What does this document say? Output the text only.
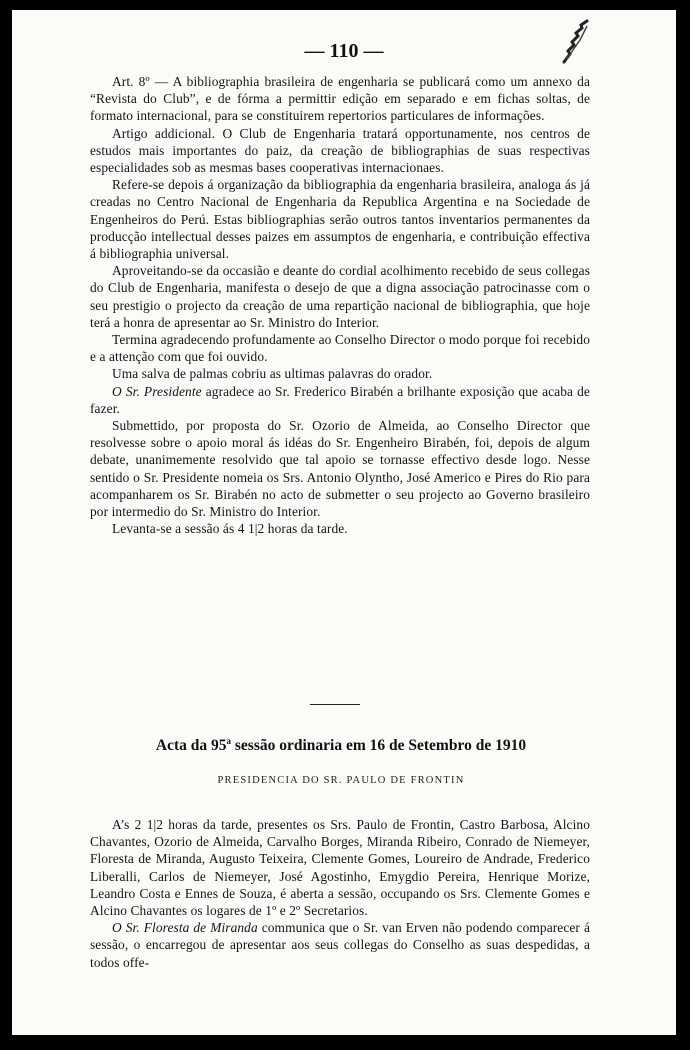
— 110 —

Art. 8º — A bibliographia brasileira de engenharia se publicará como um annexo da “Revista do Club”, e de fórma a permittir edição em separado e em fichas soltas, de formato internacional, para se constituirem repertorios particulares de informações.

Artigo addicional. O Club de Engenharia tratará opportunamente, nos centros de estudos mais importantes do paiz, da creação de bibliographias de suas respectivas especialidades sob as mesmas bases cooperativas internacionaes.

Refere-se depois á organização da bibliographia da engenharia brasileira, analoga ás já creadas no Centro Nacional de Engenharia da Republica Argentina e na Sociedade de Engenheiros do Perú. Estas bibliographias serão outros tantos inventarios permanentes da producção intellectual desses paizes em assumptos de engenharia, e contribuição effectiva á bibliographia universal.

Aproveitando-se da occasião e deante do cordial acolhimento recebido de seus collegas do Club de Engenharia, manifesta o desejo de que a digna associação patrocinasse com o seu prestigio o projecto da creação de uma repartição nacional de bibliographia, que hoje terá a honra de apresentar ao Sr. Ministro do Interior.

Termina agradecendo profundamente ao Conselho Director o modo porque foi recebido e a attenção com que foi ouvido.

Uma salva de palmas cobriu as ultimas palavras do orador.

O Sr. Presidente agradece ao Sr. Frederico Birabén a brilhante exposição que acaba de fazer.

Submettido, por proposta do Sr. Ozorio de Almeida, ao Conselho Director que resolvesse sobre o apoio moral ás idéas do Sr. Engenheiro Birabén, foi, depois de algum debate, unanimemente resolvido que tal apoio se tornasse effectivo desde logo. Nesse sentido o Sr. Presidente nomeia os Srs. Antonio Olyntho, José Americo e Pires do Rio para acompanharem os Sr. Birabén no acto de submetter o seu projecto ao Governo brasileiro por intermedio do Sr. Ministro do Interior.

Levanta-se a sessão ás 4 1|2 horas da tarde.

Acta da 95$^a$ sessão ordinaria em 16 de Setembro de 1910
PRESIDENCIA DO SR. PAULO DE FRONTIN

A’s 2 1|2 horas da tarde, presentes os Srs. Paulo de Frontin, Castro Barbosa, Alcino Chavantes, Ozorio de Almeida, Carvalho Borges, Miranda Ribeiro, Conrado de Niemeyer, Floresta de Miranda, Augusto Teixeira, Clemente Gomes, Loureiro de Andrade, Frederico Liberalli, Carlos de Niemeyer, José Agostinho, Emygdio Pereira, Henrique Morize, Leandro Costa e Ennes de Souza, é aberta a sessão, occupando os Srs. Clemente Gomes e Alcino Chavantes os logares de 1º e 2º Secretarios.

O Sr. Floresta de Miranda communica que o Sr. van Erven não podendo comparecer á sessão, o encarregou de apresentar aos seus collegas do Conselho as suas despedidas, a todos offe-
